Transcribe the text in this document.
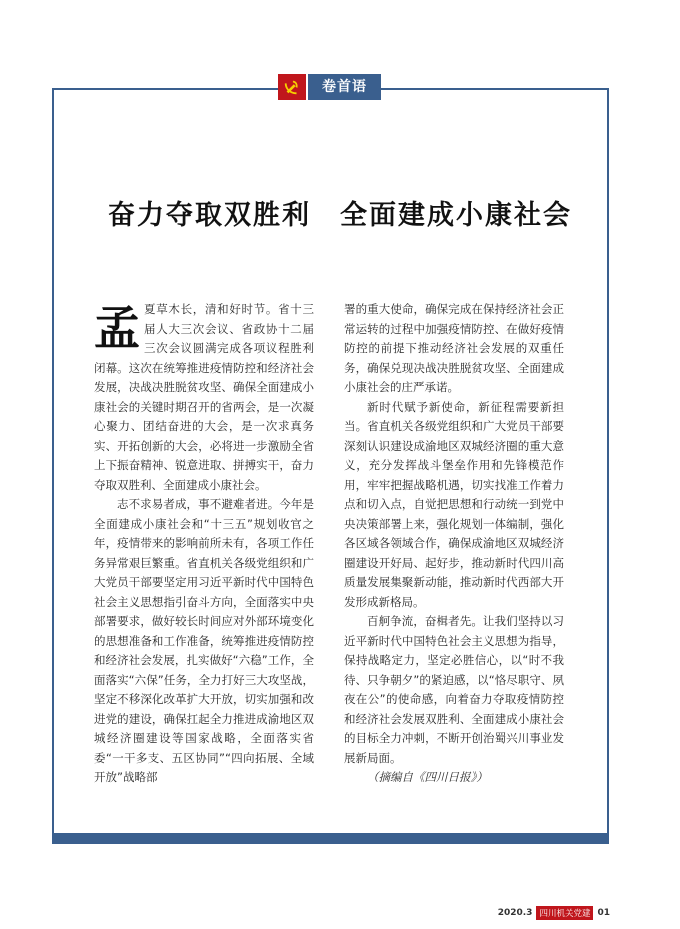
卷首语
奋力夺取双胜利　全面建成小康社会

孟夏草木长，清和好时节。省十三届人大三次会议、省政协十二届三次会议圆满完成各项议程胜利闭幕。这次在统筹推进疫情防控和经济社会发展，决战决胜脱贫攻坚、确保全面建成小康社会的关键时期召开的省两会，是一次凝心聚力、团结奋进的大会，是一次求真务实、开拓创新的大会，必将进一步激励全省上下振奋精神、锐意进取、拼搏实干，奋力夺取双胜利、全面建成小康社会。

志不求易者成，事不避难者进。今年是全面建成小康社会和“十三五”规划收官之年，疫情带来的影响前所未有，各项工作任务异常艰巨繁重。省直机关各级党组织和广大党员干部要坚定用习近平新时代中国特色社会主义思想指引奋斗方向，全面落实中央部署要求，做好较长时间应对外部环境变化的思想准备和工作准备，统筹推进疫情防控和经济社会发展，扎实做好“六稳”工作，全面落实“六保”任务，全力打好三大攻坚战，坚定不移深化改革扩大开放，切实加强和改进党的建设，确保扛起全力推进成渝地区双城经济圈建设等国家战略，全面落实省委“一干多支、五区协同”“四向拓展、全域开放”战略部

署的重大使命，确保完成在保持经济社会正常运转的过程中加强疫情防控、在做好疫情防控的前提下推动经济社会发展的双重任务，确保兑现决战决胜脱贫攻坚、全面建成小康社会的庄严承诺。

新时代赋予新使命，新征程需要新担当。省直机关各级党组织和广大党员干部要深刻认识建设成渝地区双城经济圈的重大意义，充分发挥战斗堡垒作用和先锋模范作用，牢牢把握战略机遇，切实找准工作着力点和切入点，自觉把思想和行动统一到党中央决策部署上来，强化规划一体编制，强化各区域各领域合作，确保成渝地区双城经济圈建设开好局、起好步，推动新时代四川高质量发展集聚新动能，推动新时代西部大开发形成新格局。

百舸争流，奋楫者先。让我们坚持以习近平新时代中国特色社会主义思想为指导，保持战略定力，坚定必胜信心，以“时不我待、只争朝夕”的紧迫感，以“恪尽职守、夙夜在公”的使命感，向着奋力夺取疫情防控和经济社会发展双胜利、全面建成小康社会的目标全力冲刺，不断开创治蜀兴川事业发展新局面。

（摘编自《四川日报》）

2020.3 四川机关党建 01
